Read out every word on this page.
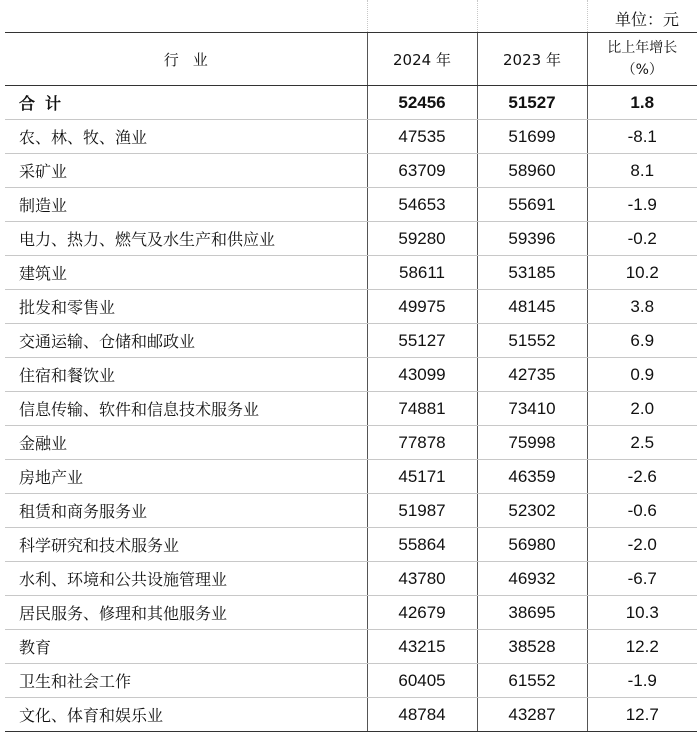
			单位：元
行业	2024 年	2023 年	比上年增长
（%）

合计	52456	51527	1.8
农、林、牧、渔业	47535	51699	-8.1
采矿业	63709	58960	8.1
制造业	54653	55691	-1.9
电力、热力、燃气及水生产和供应业	59280	59396	-0.2
建筑业	58611	53185	10.2
批发和零售业	49975	48145	3.8
交通运输、仓储和邮政业	55127	51552	6.9
住宿和餐饮业	43099	42735	0.9
信息传输、软件和信息技术服务业	74881	73410	2.0
金融业	77878	75998	2.5
房地产业	45171	46359	-2.6
租赁和商务服务业	51987	52302	-0.6
科学研究和技术服务业	55864	56980	-2.0
水利、环境和公共设施管理业	43780	46932	-6.7
居民服务、修理和其他服务业	42679	38695	10.3
教育	43215	38528	12.2
卫生和社会工作	60405	61552	-1.9
文化、体育和娱乐业	48784	43287	12.7
